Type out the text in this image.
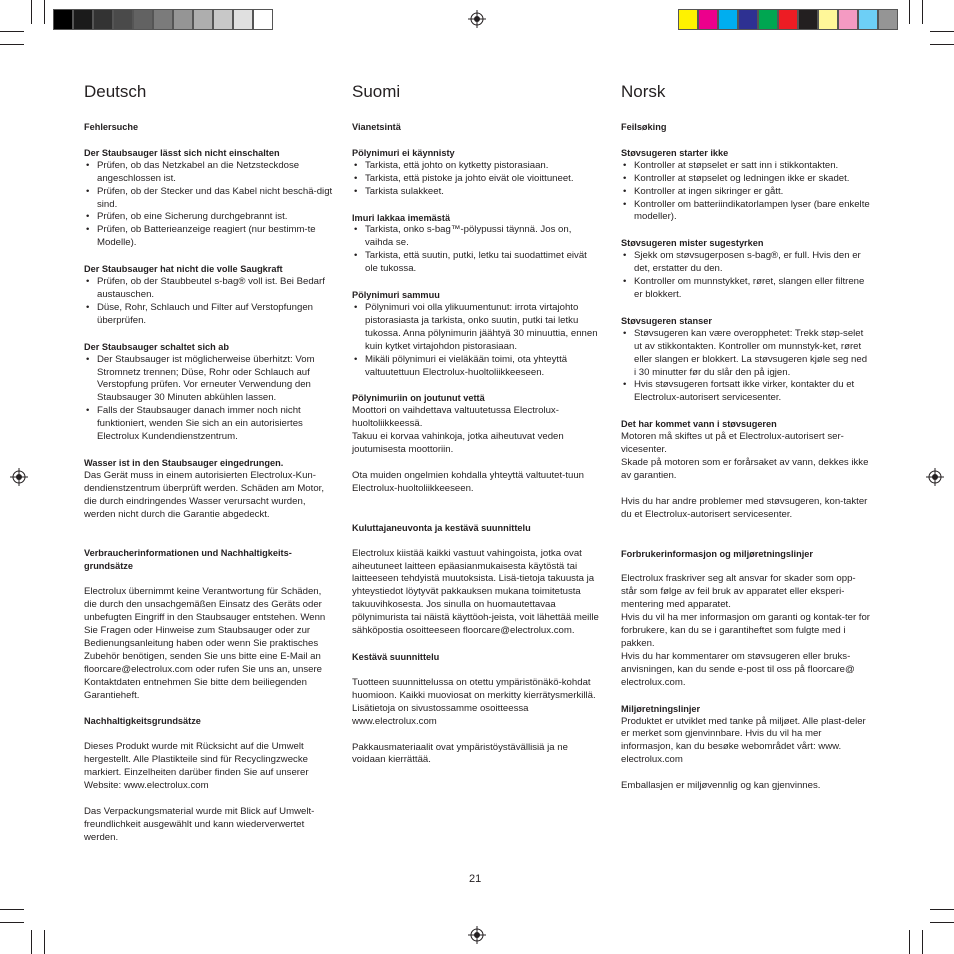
Deutsch
Fehlersuche
Der Staubsauger lässt sich nicht einschalten
• Prüfen, ob das Netzkabel an die Netzsteckdose angeschlossen ist.
• Prüfen, ob der Stecker und das Kabel nicht beschä-digt sind.
• Prüfen, ob eine Sicherung durchgebrannt ist.
• Prüfen, ob Batterieanzeige reagiert (nur bestimm-te Modelle).
Der Staubsauger hat nicht die volle Saugkraft
• Prüfen, ob der Staubbeutel s-bag® voll ist. Bei Bedarf austauschen.
• Düse, Rohr, Schlauch und Filter auf Verstopfungen überprüfen.
Der Staubsauger schaltet sich ab
• Der Staubsauger ist möglicherweise überhitzt: Vom Stromnetz trennen; Düse, Rohr oder Schlauch auf Verstopfung prüfen. Vor erneuter Verwendung den Staubsauger 30 Minuten abkühlen lassen.
• Falls der Staubsauger danach immer noch nicht funktioniert, wenden Sie sich an ein autorisiertes Electrolux Kundendienstzentrum.
Wasser ist in den Staubsauger eingedrungen.

Das Gerät muss in einem autorisierten Electrolux-Kun-dendienstzentrum überprüft werden. Schäden am Motor, die durch eindringendes Wasser verursacht wurden, werden nicht durch die Garantie abgedeckt.

Verbraucherinformationen und Nachhaltigkeits-grundsätze

Electrolux übernimmt keine Verantwortung für Schäden, die durch den unsachgemäßen Einsatz des Geräts oder unbefugten Eingriff in den Staubsauger entstehen. Wenn Sie Fragen oder Hinweise zum Staubsauger oder zur Bedienungsanleitung haben oder wenn Sie praktisches Zubehör benötigen, senden Sie uns bitte eine E-Mail an floorcare@electrolux.com oder rufen Sie uns an, unsere Kontaktdaten entnehmen Sie bitte dem beiliegenden Garantieheft.

Nachhaltigkeitsgrundsätze

Dieses Produkt wurde mit Rücksicht auf die Umwelt hergestellt. Alle Plastikteile sind für Recyclingzwecke markiert. Einzelheiten darüber finden Sie auf unserer Website: www.electrolux.com

Das Verpackungsmaterial wurde mit Blick auf Umwelt-freundlichkeit ausgewählt und kann wiederverwertet werden.

Suomi
Vianetsintä
Pölynimuri ei käynnisty
• Tarkista, että johto on kytketty pistorasiaan.
• Tarkista, että pistoke ja johto eivät ole vioittuneet.
• Tarkista sulakkeet.
Imuri lakkaa imemästä
• Tarkista, onko s-bag™-pölypussi täynnä. Jos on, vaihda se.
• Tarkista, että suutin, putki, letku tai suodattimet eivät ole tukossa.
Pölynimuri sammuu
• Pölynimuri voi olla ylikuumentunut: irrota virtajohto pistorasiasta ja tarkista, onko suutin, putki tai letku tukossa. Anna pölynimurin jäähtyä 30 minuuttia, ennen kuin kytket virtajohdon pistorasiaan.
• Mikäli pölynimuri ei vieläkään toimi, ota yhteyttä valtuutettuun Electrolux-huoltoliikkeeseen.
Pölynimuriin on joutunut vettä

Moottori on vaihdettava valtuutetussa Electrolux-huoltoliikkeessä.

Takuu ei korvaa vahinkoja, jotka aiheutuvat veden joutumisesta moottoriin.

Ota muiden ongelmien kohdalla yhteyttä valtuutet-tuun Electrolux-huoltoliikkeeseen.

Kuluttajaneuvonta ja kestävä suunnittelu

Electrolux kiistää kaikki vastuut vahingoista, jotka ovat aiheutuneet laitteen epäasianmukaisesta käytöstä tai laitteeseen tehdyistä muutoksista. Lisä-tietoja takuusta ja yhteystiedot löytyvät pakkauksen mukana toimitetusta takuuvihkosesta. Jos sinulla on huomautettavaa pölynimurista tai näistä käyttöoh-jeista, voit lähettää meille sähköpostia osoitteeseen floorcare@electrolux.com.

Kestävä suunnittelu

Tuotteen suunnittelussa on otettu ympäristönäkö-kohdat huomioon. Kaikki muoviosat on merkitty kierrätysmerkillä. Lisätietoja on sivustossamme osoitteessa www.electrolux.com

Pakkausmateriaalit ovat ympäristöystävällisiä ja ne voidaan kierrättää.

Norsk
Feilsøking
Støvsugeren starter ikke
• Kontroller at støpselet er satt inn i stikkontakten.
• Kontroller at støpselet og ledningen ikke er skadet.
• Kontroller at ingen sikringer er gått.
• Kontroller om batteriindikatorlampen lyser (bare enkelte modeller).
Støvsugeren mister sugestyrken
• Sjekk om støvsugerposen s-bag®, er full. Hvis den er det, erstatter du den.
• Kontroller om munnstykket, røret, slangen eller filtrene er blokkert.
Støvsugeren stanser
• Støvsugeren kan være overopphetet: Trekk støp-selet ut av stikkontakten. Kontroller om munnstyk-ket, røret eller slangen er blokkert. La støvsugeren kjøle seg ned i 30 minutter før du slår den på igjen.
• Hvis støvsugeren fortsatt ikke virker, kontakter du et Electrolux-autorisert servicesenter.
Det har kommet vann i støvsugeren

Motoren må skiftes ut på et Electrolux-autorisert ser-vicesenter.

Skade på motoren som er forårsaket av vann, dekkes ikke av garantien.

Hvis du har andre problemer med støvsugeren, kon-takter du et Electrolux-autorisert servicesenter.

Forbrukerinformasjon og miljøretningslinjer

Electrolux fraskriver seg alt ansvar for skader som opp-står som følge av feil bruk av apparatet eller eksperi-mentering med apparatet.

Hvis du vil ha mer informasjon om garanti og kontak-ter for forbrukere, kan du se i garantiheftet som fulgte med i pakken.

Hvis du har kommentarer om støvsugeren eller bruks-anvisningen, kan du sende e-post til oss på floorcare@ electrolux.com.

Miljøretningslinjer

Produktet er utviklet med tanke på miljøet. Alle plast-deler er merket som gjenvinnbare. Hvis du vil ha mer informasjon, kan du besøke webområdet vårt: www. electrolux.com

Emballasjen er miljøvennlig og kan gjenvinnes.

21
